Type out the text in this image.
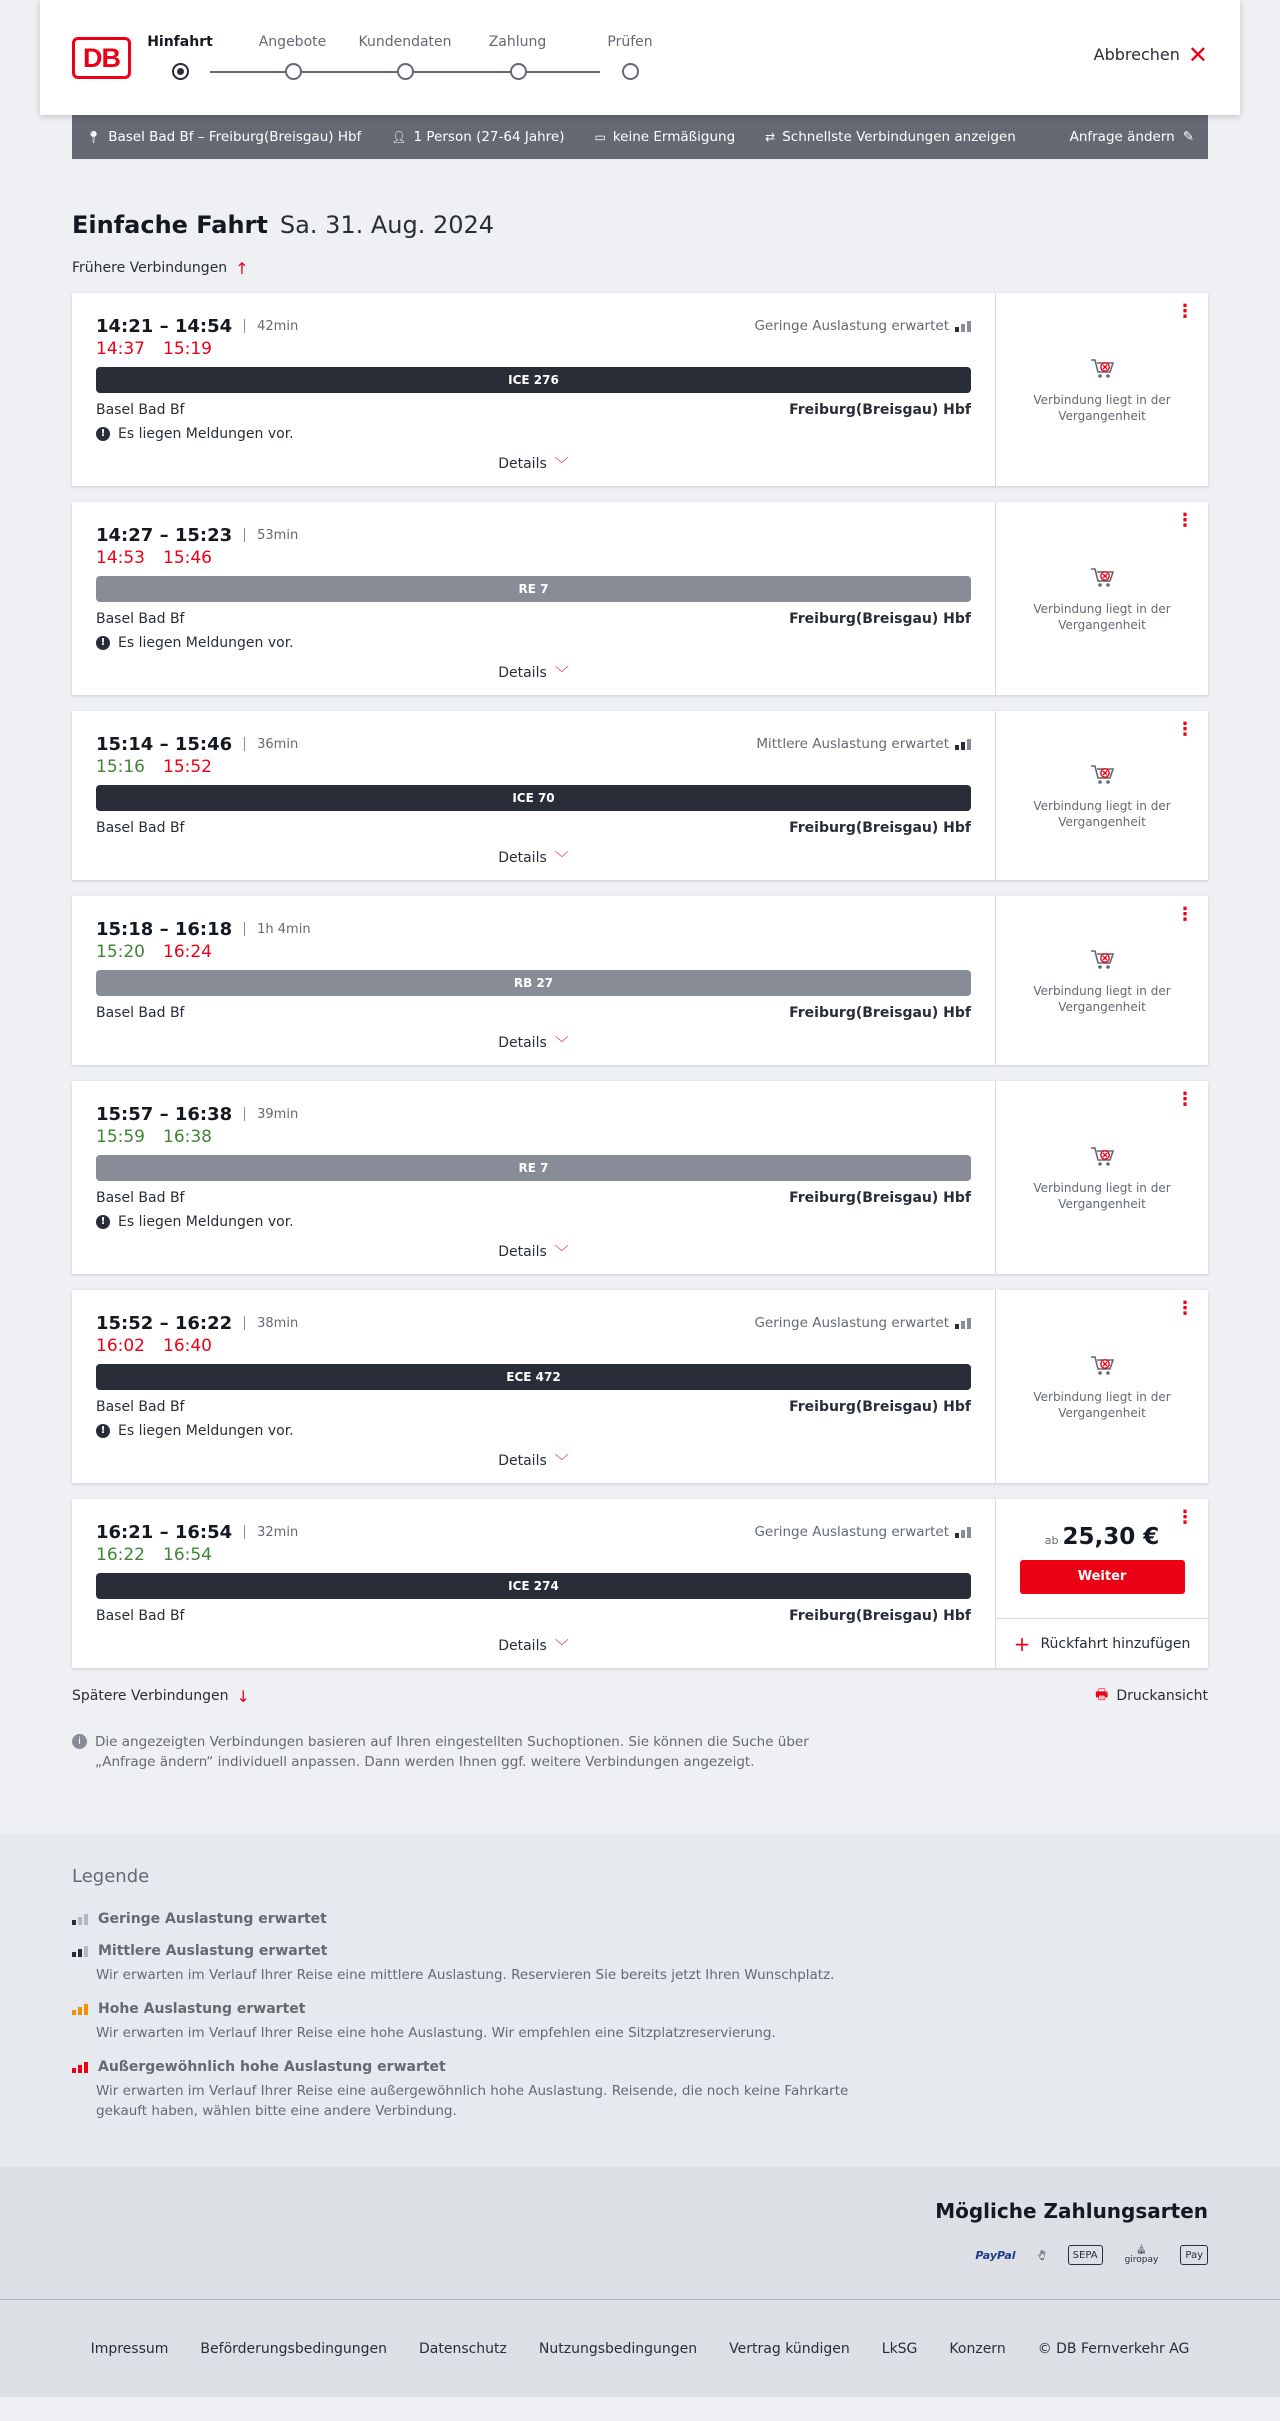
DB
Hinfahrt	Angebote	Kundendaten	Zahlung	Prüfen
Abbrechen ✕
📍︎ Basel Bad Bf – Freiburg(Breisgau) Hbf	👤︎ 1 Person (27-64 Jahre)	▭ keine Ermäßigung	⇄ Schnellste Verbindungen anzeigen	Anfrage ändern ✎
Einfache Fahrt Sa. 31. Aug. 2024
Frühere Verbindungen ↑
14:21 – 14:54 42min	Geringe Auslastung erwartet
14:37 15:19
ICE 276
Basel Bad Bf	Freiburg(Breisgau) Hbf
! Es liegen Meldungen vor.
Details ﹀
⋮
Verbindung liegt in der Vergangenheit
14:27 – 15:23 53min
14:53 15:46
RE 7
Basel Bad Bf	Freiburg(Breisgau) Hbf
! Es liegen Meldungen vor.
Details ﹀
⋮
Verbindung liegt in der Vergangenheit
15:14 – 15:46 36min	Mittlere Auslastung erwartet
15:16 15:52
ICE 70
Basel Bad Bf	Freiburg(Breisgau) Hbf
Details ﹀
⋮
Verbindung liegt in der Vergangenheit
15:18 – 16:18 1h 4min
15:20 16:24
RB 27
Basel Bad Bf	Freiburg(Breisgau) Hbf
Details ﹀
⋮
Verbindung liegt in der Vergangenheit
15:57 – 16:38 39min
15:59 16:38
RE 7
Basel Bad Bf	Freiburg(Breisgau) Hbf
! Es liegen Meldungen vor.
Details ﹀
⋮
Verbindung liegt in der Vergangenheit
15:52 – 16:22 38min	Geringe Auslastung erwartet
16:02 16:40
ECE 472
Basel Bad Bf	Freiburg(Breisgau) Hbf
! Es liegen Meldungen vor.
Details ﹀
⋮
Verbindung liegt in der Vergangenheit
16:21 – 16:54 32min	Geringe Auslastung erwartet
16:22 16:54
ICE 274
Basel Bad Bf	Freiburg(Breisgau) Hbf
Details ﹀
⋮
ab 25,30 €
Weiter
+ Rückfahrt hinzufügen
Spätere Verbindungen ↓	🖶︎ Druckansicht
i	Die angezeigten Verbindungen basieren auf Ihren eingestellten Suchoptionen. Sie können die Suche über „Anfrage ändern“ individuell anpassen. Dann werden Ihnen ggf. weitere Verbindungen angezeigt.
Legende
Geringe Auslastung erwartet
Mittlere Auslastung erwartet
Wir erwarten im Verlauf Ihrer Reise eine mittlere Auslastung. Reservieren Sie bereits jetzt Ihren Wunschplatz.
Hohe Auslastung erwartet
Wir erwarten im Verlauf Ihrer Reise eine hohe Auslastung. Wir empfehlen eine Sitzplatzreservierung.
Außergewöhnlich hohe Auslastung erwartet
Wir erwarten im Verlauf Ihrer Reise eine außergewöhnlich hohe Auslastung. Reisende, die noch keine Fahrkarte gekauft haben, wählen bitte eine andere Verbindung.
Mögliche Zahlungsarten
PayPal 🖐︎	SEPA	⛪︎
giropay	Pay
Impressum Beförderungsbedingungen Datenschutz Nutzungsbedingungen Vertrag kündigen LkSG Konzern © DB Fernverkehr AG
